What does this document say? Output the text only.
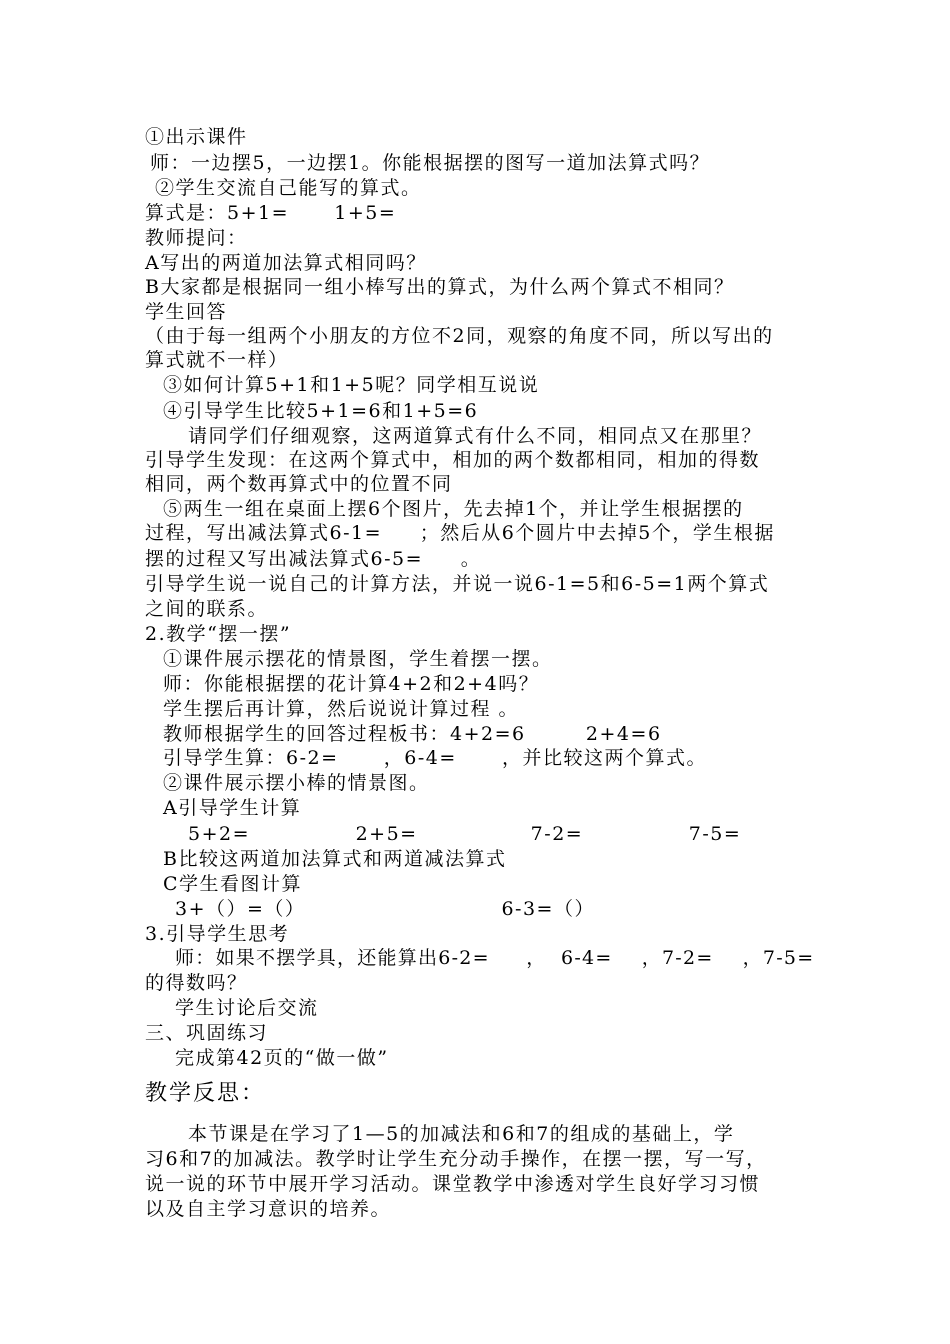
①出示课件
师：一边摆5，一边摆1。你能根据摆的图写一道加法算式吗？
②学生交流自己能写的算式。
算式是：5+1=      1+5=
教师提问：
A写出的两道加法算式相同吗？
B大家都是根据同一组小棒写出的算式，为什么两个算式不相同？
学生回答
（由于每一组两个小朋友的方位不2同，观察的角度不同，所以写出的
算式就不一样）
③如何计算5+1和1+5呢？同学相互说说
④引导学生比较5+1=6和1+5=6
请同学们仔细观察，这两道算式有什么不同，相同点又在那里？
引导学生发现：在这两个算式中，相加的两个数都相同，相加的得数
相同，两个数再算式中的位置不同
⑤两生一组在桌面上摆6个图片，先去掉1个，并让学生根据摆的
过程，写出减法算式6-1=     ；然后从6个圆片中去掉5个，学生根据
摆的过程又写出减法算式6-5=     。
引导学生说一说自己的计算方法，并说一说6-1=5和6-5=1两个算式
之间的联系。
2.教学“摆一摆”
①课件展示摆花的情景图，学生着摆一摆。
师：你能根据摆的花计算4+2和2+4吗？
学生摆后再计算，然后说说计算过程 。
教师根据学生的回答过程板书：4+2=6        2+4=6
引导学生算：6-2=      ，6-4=      ，并比较这两个算式。
②课件展示摆小棒的情景图。
A引导学生计算
5+2=              2+5=               7-2=              7-5=
B比较这两道加法算式和两道减法算式
C学生看图计算
3+（）=（）                          6-3=（）
3.引导学生思考
师：如果不摆学具，还能算出6-2=     ，  6-4=    ，7-2=    ，7-5=
的得数吗？
学生讨论后交流
三、巩固练习
完成第42页的“做一做”
教学反思：
本节课是在学习了1—5的加减法和6和7的组成的基础上，学
习6和7的加减法。教学时让学生充分动手操作，在摆一摆，写一写，
说一说的环节中展开学习活动。课堂教学中渗透对学生良好学习习惯
以及自主学习意识的培养。
